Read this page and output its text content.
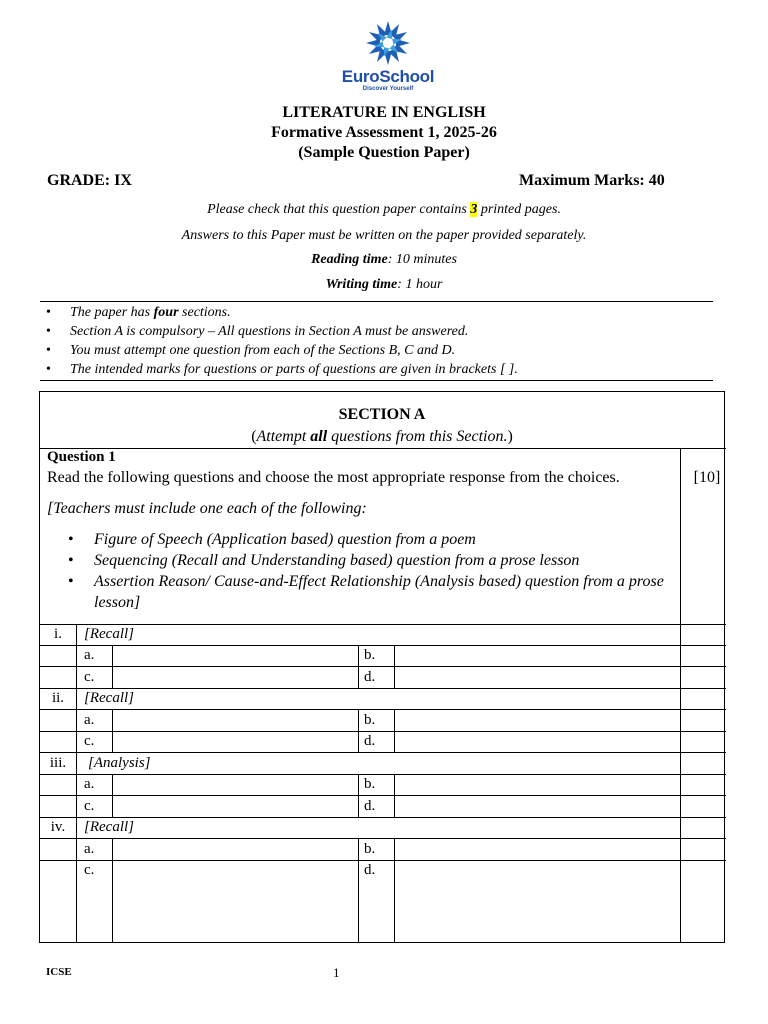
EuroSchool
Discover Yourself
LITERATURE IN ENGLISH
Formative Assessment 1, 2025-26
(Sample Question Paper)
GRADE: IX	Maximum Marks: 40
Please check that this question paper contains 3 printed pages.
Answers to this Paper must be written on the paper provided separately.
Reading time: 10 minutes
Writing time: 1 hour
• The paper has four sections.
• Section A is compulsory – All questions in Section A must be answered.
• You must attempt one question from each of the Sections B, C and D.
• The intended marks for questions or parts of questions are given in brackets [ ].
SECTION A
(Attempt all questions from this Section.)
Question 1
Read the following questions and choose the most appropriate response from the choices.	[10]
[Teachers must include one each of the following:
• Figure of Speech (Application based) question from a poem
• Sequencing (Recall and Understanding based) question from a prose lesson
• Assertion Reason/ Cause-and-Effect Relationship (Analysis based) question from a prose lesson]
i.	[Recall]
a.	b.
c.	d.
ii.	[Recall]
a.	b.
c.	d.
iii.	[Analysis]
a.	b.
c.	d.
iv.	[Recall]
a.	b.
c.	d.
ICSE	1
